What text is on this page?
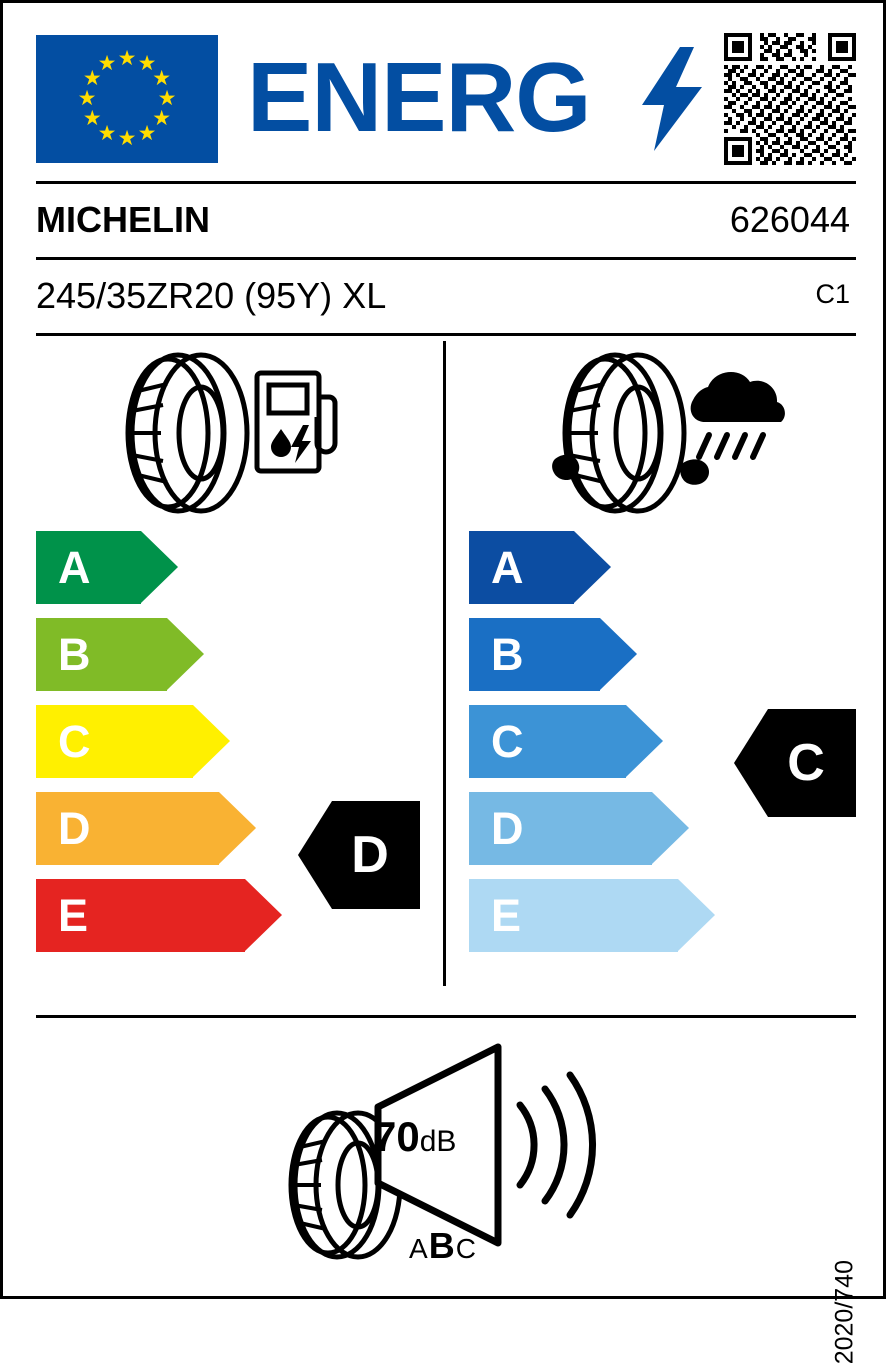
★ ★
★
★
★
★
★
★
★
★
★
★ ENERG
MICHELIN	626044
245/35ZR20 (95Y) XL	C1
A
B
C
D
E
A
B
C
D
E
D
C
70dB
ABC
2020/740
